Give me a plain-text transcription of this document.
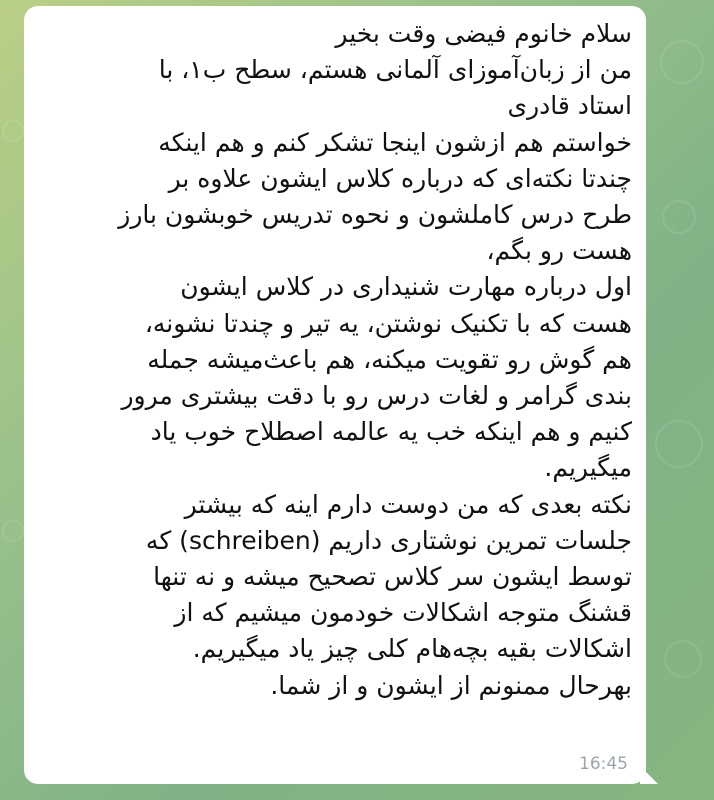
سلام خانوم فیضی وقت بخیر
من از زبان‌آموزای آلمانی هستم، سطح ب۱، با
استاد قادری
خواستم هم ازشون اینجا تشکر کنم و هم اینکه
چندتا نکته‌ای که درباره کلاس ایشون علاوه بر
طرح درس کاملشون و نحوه تدریس خوبشون بارز
هست رو بگم،
اول درباره مهارت شنیداری در کلاس ایشون
هست که با تکنیک نوشتن، یه تیر و چندتا نشونه،
هم گوش رو تقویت میکنه، هم باعث‌میشه جمله
بندی گرامر و لغات درس رو با دقت بیشتری مرور
کنیم و هم اینکه خب یه عالمه اصطلاح خوب یاد
میگیریم.
نکته بعدی که من دوست دارم اینه که بیشتر
جلسات تمرین نوشتاری داریم (schreiben) که
توسط ایشون سر کلاس تصحیح میشه و نه تنها
قشنگ متوجه اشکالات خودمون میشیم که از
اشکالات بقیه بچه‌هام کلی چیز یاد میگیریم.
بهرحال ممنونم از ایشون و از شما.
16:45
